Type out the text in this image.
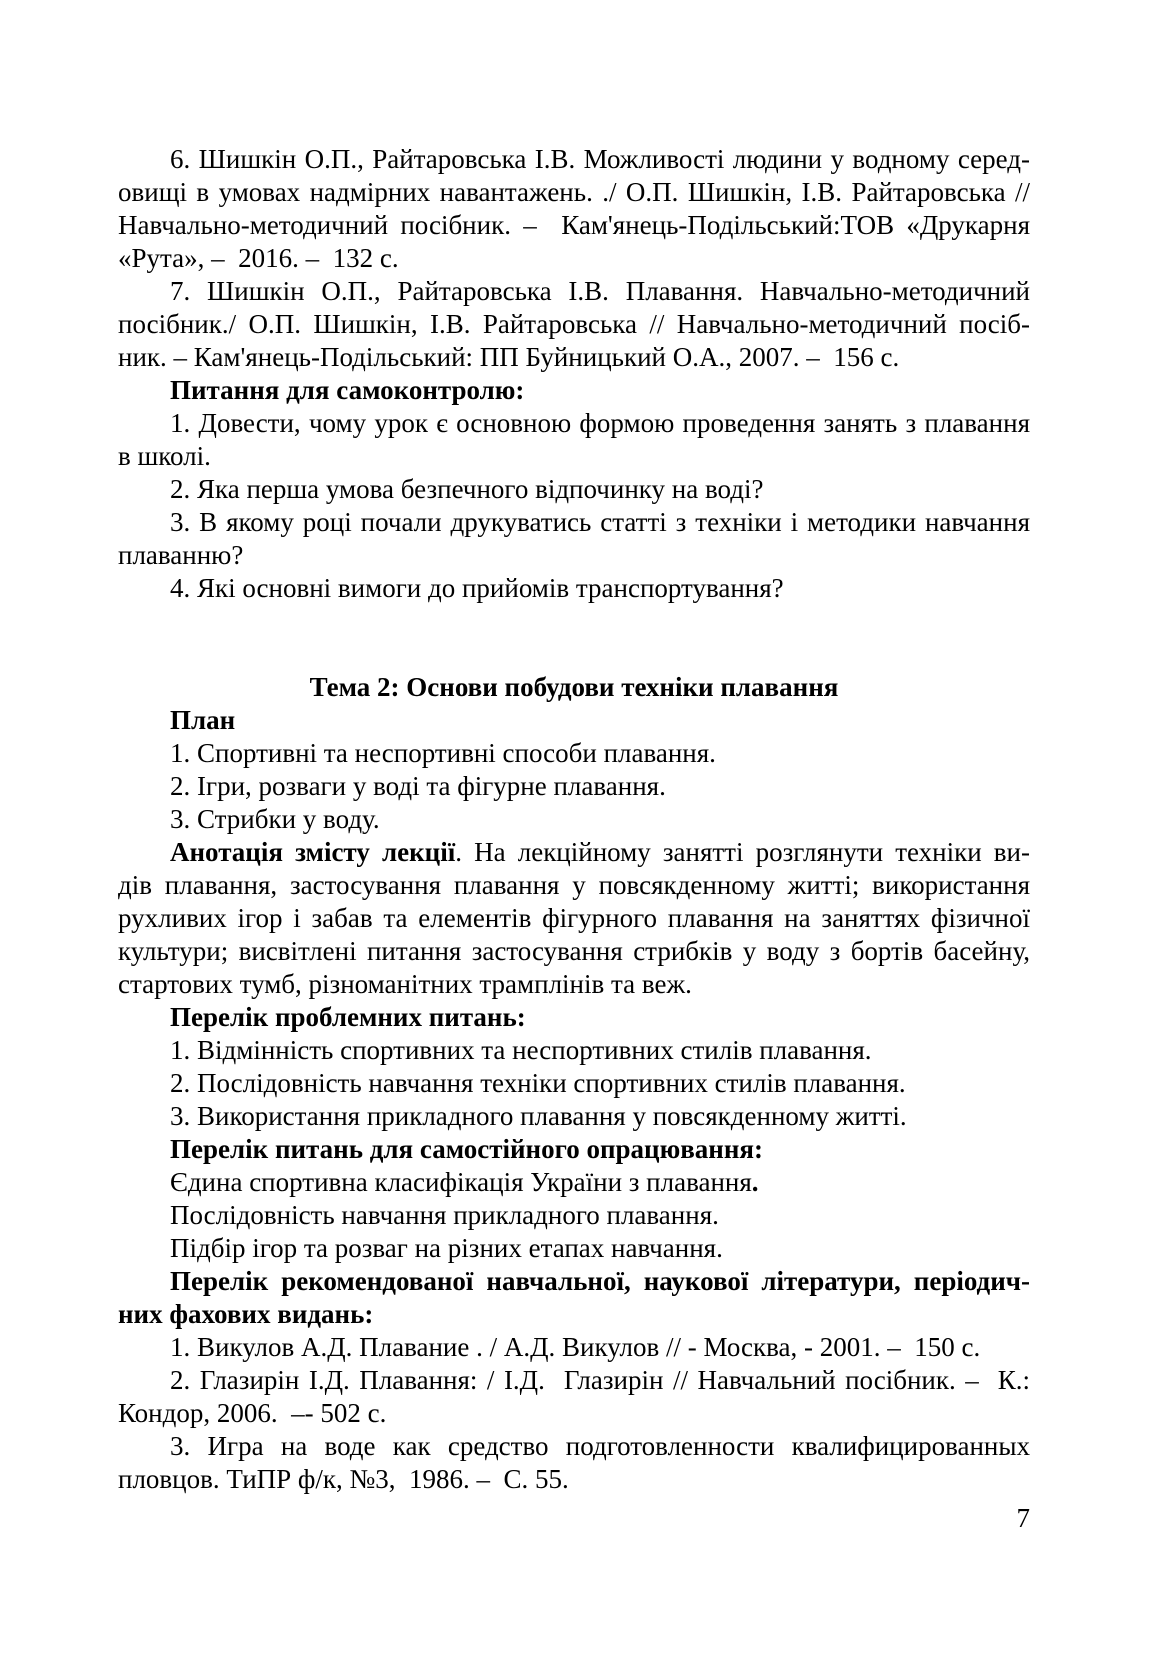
6. Шишкін О.П., Райтаровська І.В. Можливості людини у водному серед-
овищі в умовах надмірних навантажень. ./ О.П. Шишкін, І.В. Райтаровська //
Навчально-методичний посібник. –  Кам'янець-Подільський:ТОВ «Друкарня
«Рута», –  2016. –  132 с.
7. Шишкін О.П., Райтаровська І.В. Плавання. Навчально-методичний
посібник./ О.П. Шишкін, І.В. Райтаровська // Навчально-методичний посіб-
ник. – Кам'янець-Подільський: ПП Буйницький О.А., 2007. –  156 с.
Питання для самоконтролю:
1. Довести, чому урок є основною формою проведення занять з плавання
в школі.
2. Яка перша умова безпечного відпочинку на воді?
3. В якому році почали друкуватись статті з техніки і методики навчання
плаванню?
4. Які основні вимоги до прийомів транспортування?
Тема 2: Основи побудови техніки плавання
План
1. Спортивні та неспортивні способи плавання.
2. Ігри, розваги у воді та фігурне плавання.
3. Стрибки у воду.
Анотація змісту лекції. На лекційному занятті розглянути техніки ви-
дів плавання, застосування плавання у повсякденному житті; використання
рухливих ігор і забав та елементів фігурного плавання на заняттях фізичної
культури; висвітлені питання застосування стрибків у воду з бортів басейну,
стартових тумб, різноманітних трамплінів та веж.
Перелік проблемних питань:
1. Відмінність спортивних та неспортивних стилів плавання.
2. Послідовність навчання техніки спортивних стилів плавання.
3. Використання прикладного плавання у повсякденному житті.
Перелік питань для самостійного опрацювання:
Єдина спортивна класифікація України з плавання.
Послідовність навчання прикладного плавання.
Підбір ігор та розваг на різних етапах навчання.
Перелік рекомендованої навчальної, наукової літератури, періодич-
них фахових видань:
1. Викулов А.Д. Плавание . / А.Д. Викулов // - Москва, - 2001. –  150 с.
2. Глазирін І.Д. Плавання: / І.Д.  Глазирін // Навчальний посібник. –  К.:
Кондор, 2006.  –- 502 с.
3. Игра на воде как средство подготовленности квалифицированных
пловцов. ТиПР ф/к, №3,  1986. –  С. 55.
7
